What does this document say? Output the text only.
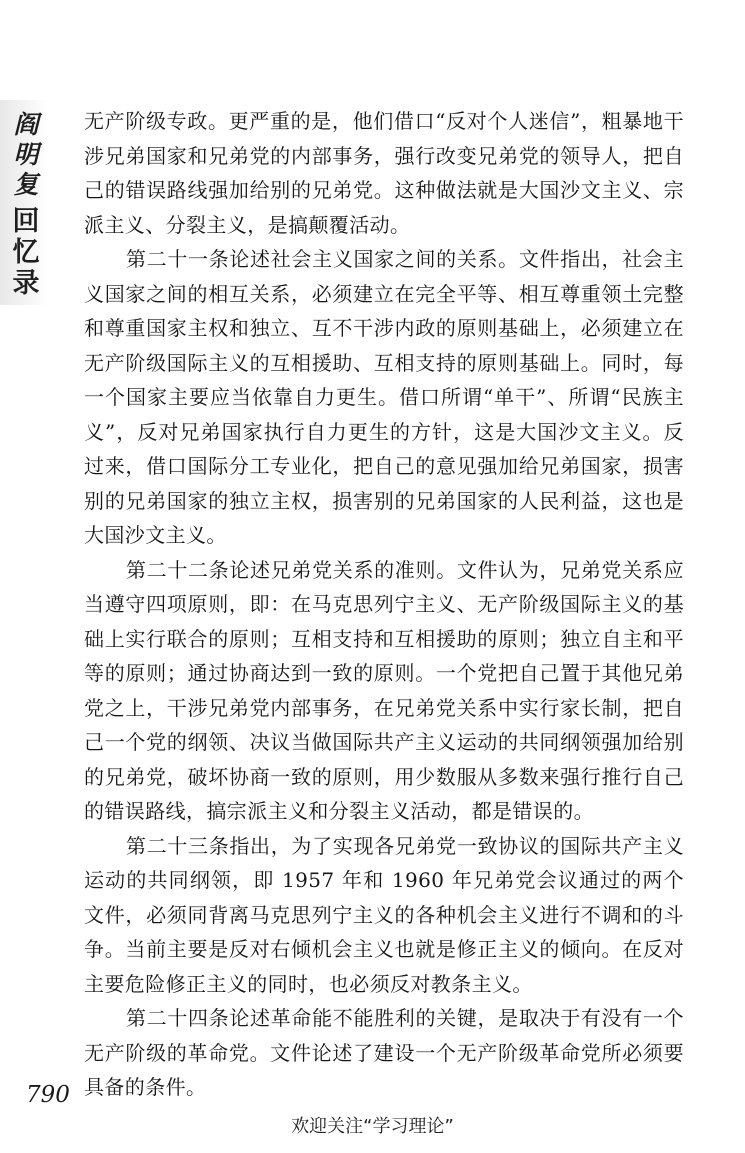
阎
明
复
回
忆
录

无产阶级专政。更严重的是，他们借口“反对个人迷信”，粗暴地干涉兄弟国家和兄弟党的内部事务，强行改变兄弟党的领导人，把自己的错误路线强加给别的兄弟党。这种做法就是大国沙文主义、宗派主义、分裂主义，是搞颠覆活动。

第二十一条论述社会主义国家之间的关系。文件指出，社会主义国家之间的相互关系，必须建立在完全平等、相互尊重领土完整和尊重国家主权和独立、互不干涉内政的原则基础上，必须建立在无产阶级国际主义的互相援助、互相支持的原则基础上。同时，每一个国家主要应当依靠自力更生。借口所谓“单干”、所谓“民族主义”，反对兄弟国家执行自力更生的方针，这是大国沙文主义。反过来，借口国际分工专业化，把自己的意见强加给兄弟国家，损害别的兄弟国家的独立主权，损害别的兄弟国家的人民利益，这也是大国沙文主义。

第二十二条论述兄弟党关系的准则。文件认为，兄弟党关系应当遵守四项原则，即：在马克思列宁主义、无产阶级国际主义的基础上实行联合的原则；互相支持和互相援助的原则；独立自主和平等的原则；通过协商达到一致的原则。一个党把自己置于其他兄弟党之上，干涉兄弟党内部事务，在兄弟党关系中实行家长制，把自己一个党的纲领、决议当做国际共产主义运动的共同纲领强加给别的兄弟党，破坏协商一致的原则，用少数服从多数来强行推行自己的错误路线，搞宗派主义和分裂主义活动，都是错误的。

第二十三条指出，为了实现各兄弟党一致协议的国际共产主义运动的共同纲领，即 1957 年和 1960 年兄弟党会议通过的两个文件，必须同背离马克思列宁主义的各种机会主义进行不调和的斗争。当前主要是反对右倾机会主义也就是修正主义的倾向。在反对主要危险修正主义的同时，也必须反对教条主义。

第二十四条论述革命能不能胜利的关键，是取决于有没有一个无产阶级的革命党。文件论述了建设一个无产阶级革命党所必须要具备的条件。

790
欢迎关注“学习理论”
